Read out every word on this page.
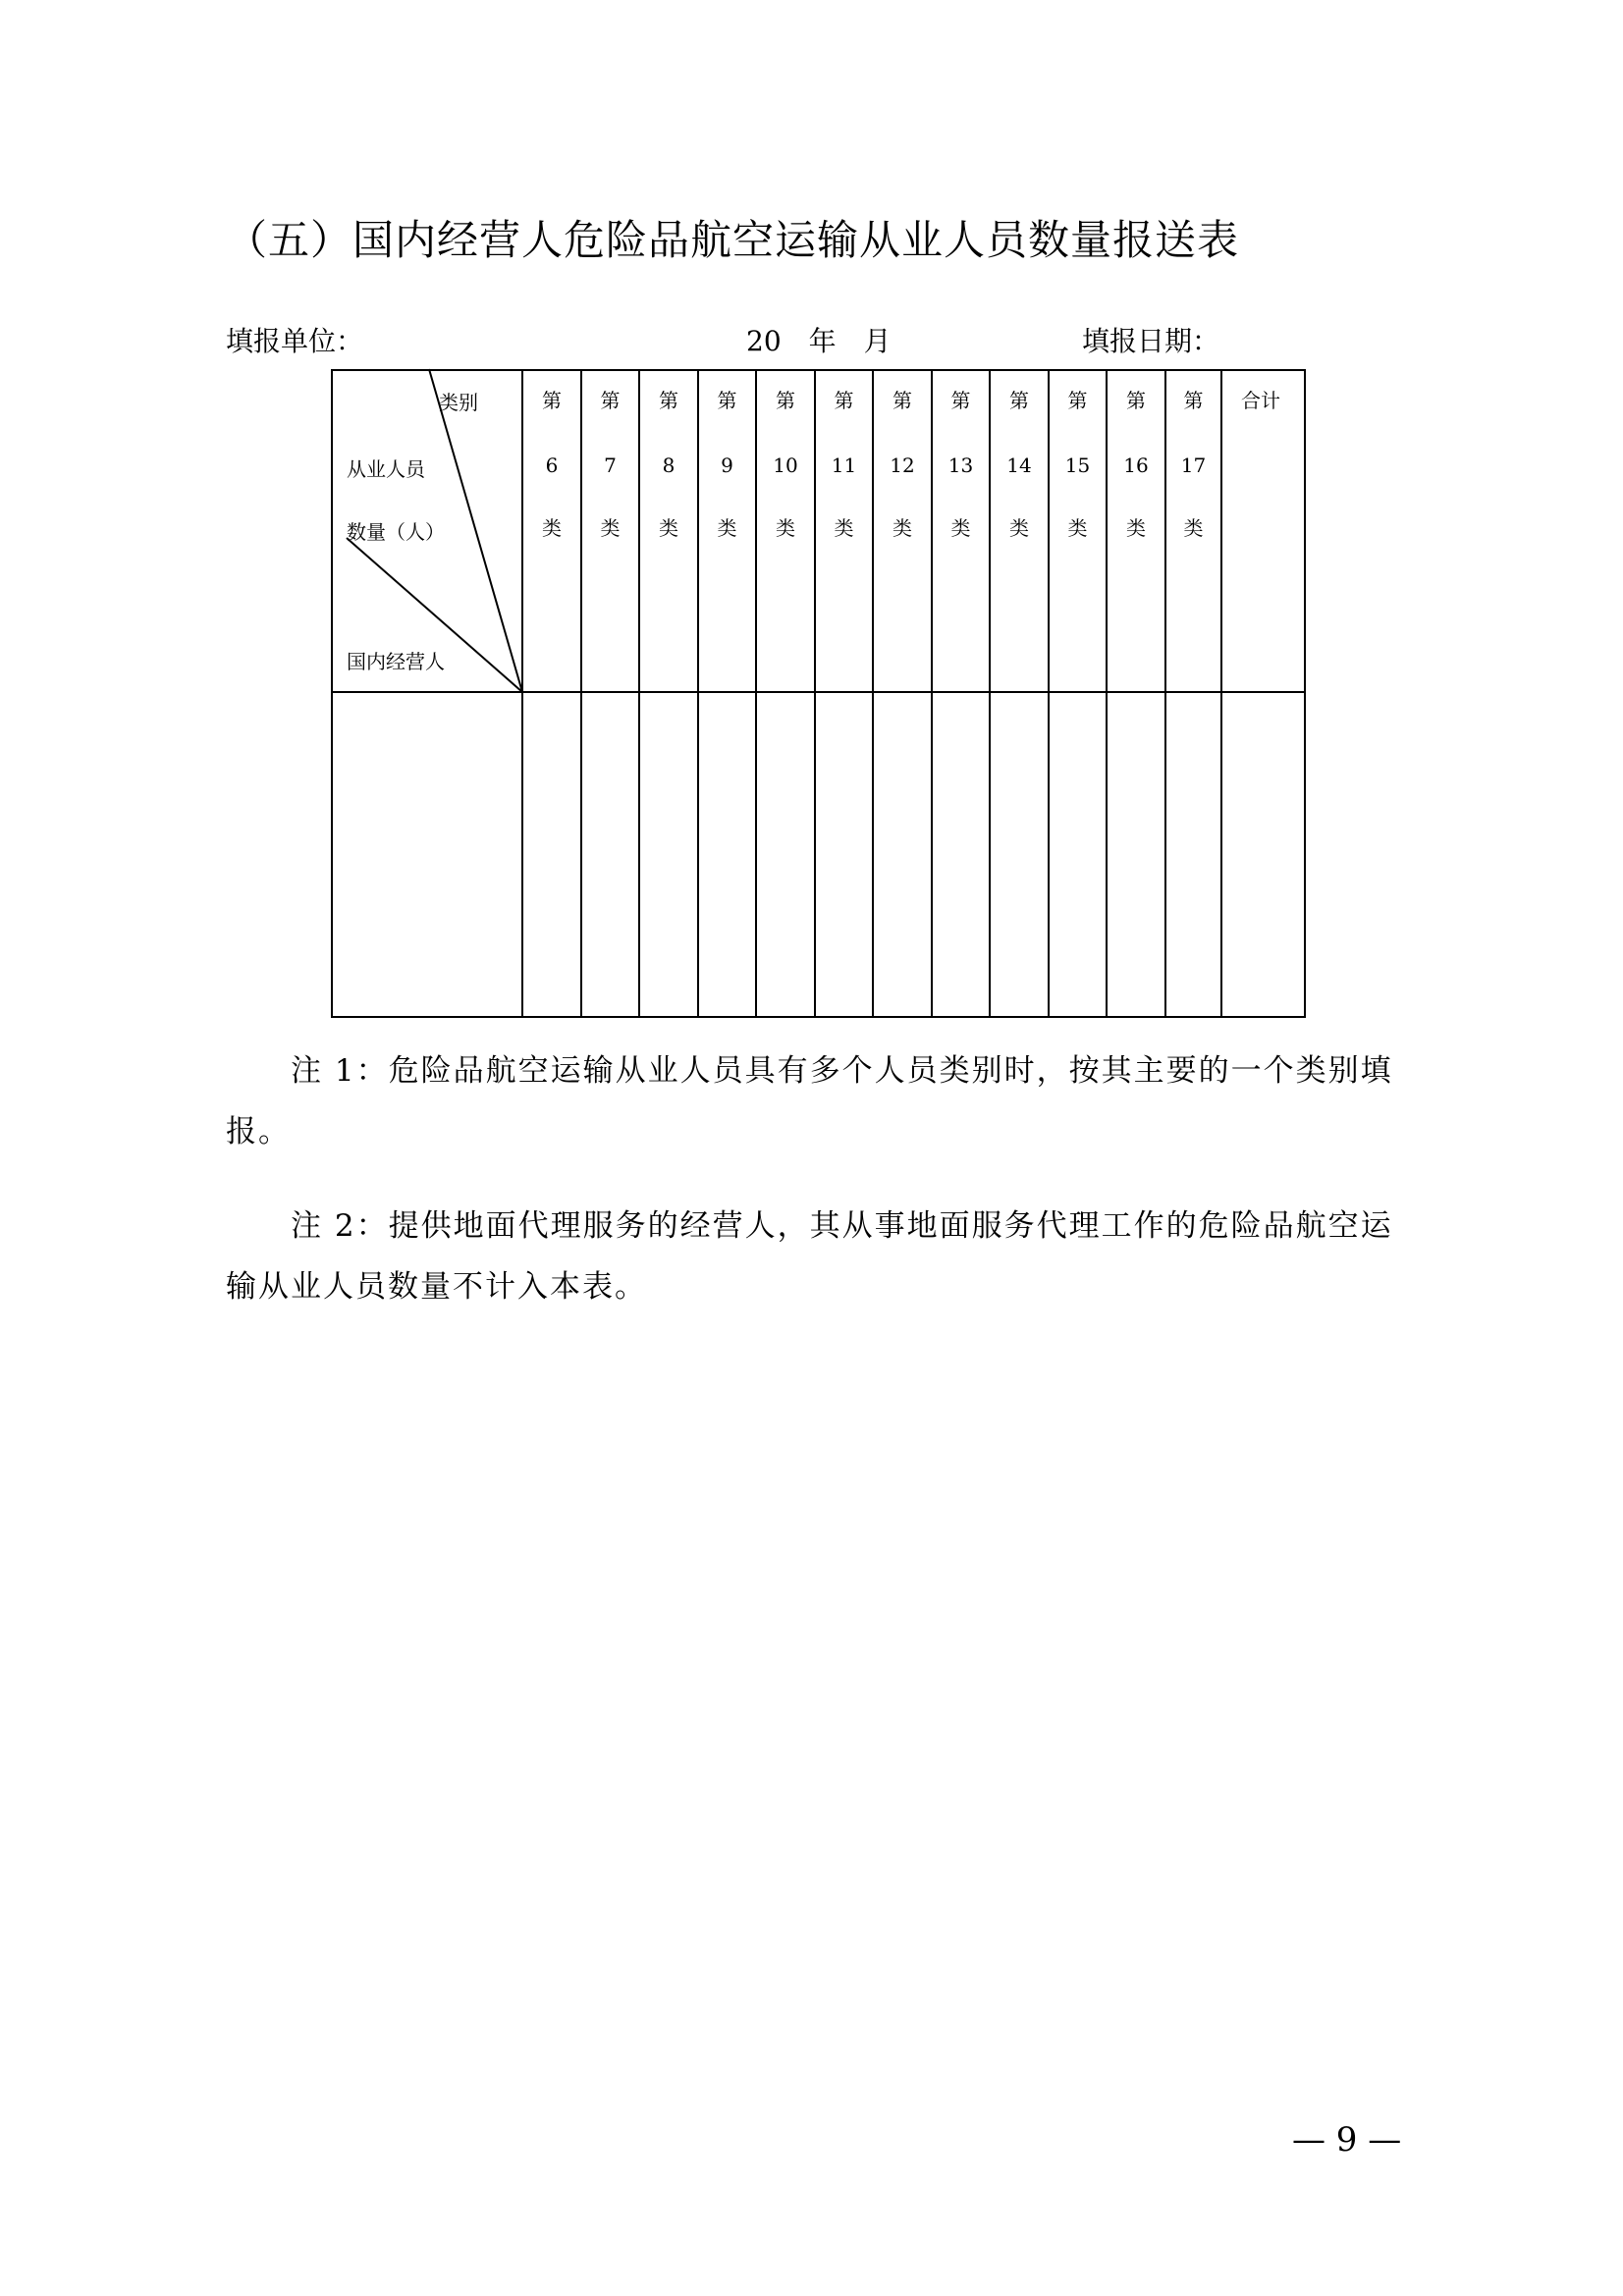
（五）国内经营人危险品航空运输从业人员数量报送表
填报单位：	20　年　月	填报日期：
类别
从业人员
数量（人）
国内经营人
第
6
类
第
7
类
第
8
类
第
9
类
第
10
类
第
11
类
第
12
类
第
13
类
第
14
类
第
15
类
第
16
类
第
17
类
合计
注 1：危险品航空运输从业人员具有多个人员类别时，按其主要的一个类别填报。
注 2：提供地面代理服务的经营人，其从事地面服务代理工作的危险品航空运输从业人员数量不计入本表。
— 9 —
